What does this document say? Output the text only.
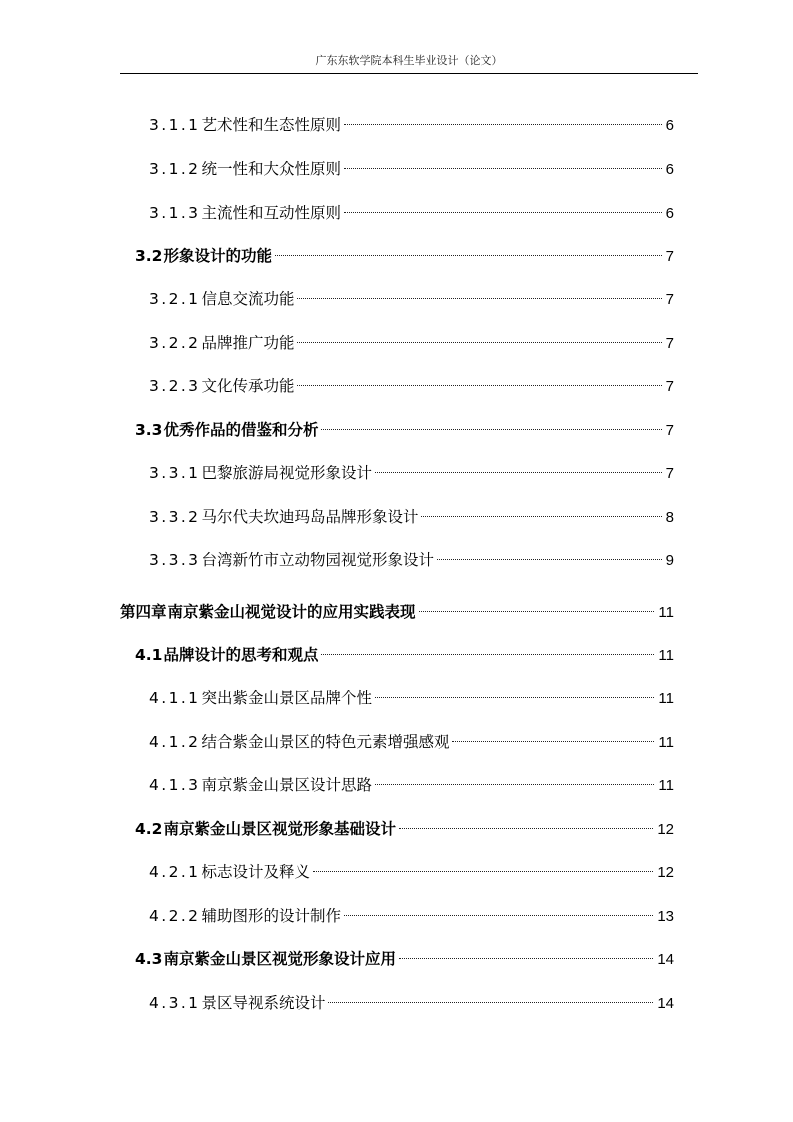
广东东软学院本科生毕业设计（论文）
3.1.1 艺术性和生态性原则	6
3.1.2 统一性和大众性原则	6
3.1.3 主流性和互动性原则	6
3.2 形象设计的功能	7
3.2.1 信息交流功能	7
3.2.2 品牌推广功能	7
3.2.3 文化传承功能	7
3.3 优秀作品的借鉴和分析	7
3.3.1 巴黎旅游局视觉形象设计	7
3.3.2 马尔代夫坎迪玛岛品牌形象设计	8
3.3.3 台湾新竹市立动物园视觉形象设计	9
第四章 南京紫金山视觉设计的应用实践表现	11
4.1 品牌设计的思考和观点	11
4.1.1 突出紫金山景区品牌个性	11
4.1.2 结合紫金山景区的特色元素增强感观	11
4.1.3 南京紫金山景区设计思路	11
4.2 南京紫金山景区视觉形象基础设计	12
4.2.1 标志设计及释义	12
4.2.2 辅助图形的设计制作	13
4.3 南京紫金山景区视觉形象设计应用	14
4.3.1 景区导视系统设计	14
